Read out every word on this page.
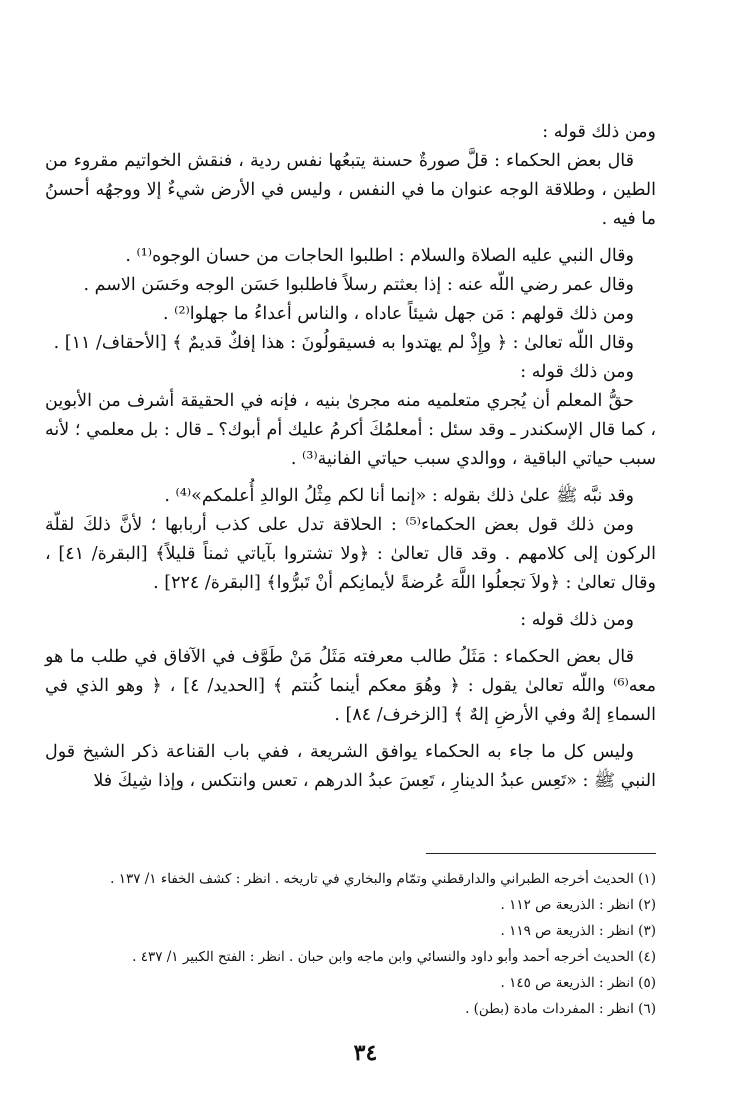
ومن ذلك قوله :

قال بعض الحكماء : قلَّ صورةٌ حسنة يتبعُها نفس ردية ، فنقش الخواتيم مقروء من الطين ، وطلاقة الوجه عنوان ما في النفس ، وليس في الأرض شيءٌ إلا ووجهُه أحسنُ ما فيه .

وقال النبي عليه الصلاة والسلام : اطلبوا الحاجات من حسان الوجوه⁽¹⁾ .

وقال عمر رضي اللّه عنه : إذا بعثتم رسلاً فاطلبوا حَسَن الوجه وحَسَن الاسم .

ومن ذلك قولهم : مَن جهل شيئاً عاداه ، والناس أعداءُ ما جهلوا⁽²⁾ .

وقال اللّه تعالىٰ : ﴿ وإِذْ لم يهتدوا به فسيقولُونَ : هذا إفكٌ قديمٌ ﴾ [الأحقاف/ ١١] .

ومن ذلك قوله :

حقُّ المعلم أن يُجري متعلميه منه مجرىٰ بنيه ، فإنه في الحقيقة أشرف من الأبوين ، كما قال الإسكندر ـ وقد سئل : أمعلمُكَ أكرمُ عليك أم أبوك؟ ـ قال : بل معلمي ؛ لأنه سبب حياتي الباقية ، ووالدي سبب حياتي الفانية⁽³⁾ .

وقد نبَّه ﷺ علىٰ ذلك بقوله : «إنما أنا لكم مِثْلُ الوالدِ أُعلمكم»⁽⁴⁾ .

ومن ذلك قول بعض الحكماء⁽⁵⁾ : الحلاقة تدل على كذب أربابها ؛ لأنَّ ذلكَ لقلّة الركون إلى كلامهم . وقد قال تعالىٰ : ﴿ولا تشتروا بآياتي ثمناً قليلاً﴾ [البقرة/ ٤١] ، وقال تعالىٰ : ﴿ولاَ تجعلُوا اللَّهَ عُرضةً لأيمانِكم أنْ تَبرُّوا﴾ [البقرة/ ٢٢٤] .

ومن ذلك قوله :

قال بعض الحكماء : مَثَلُ طالب معرفته مَثَلُ مَنْ طَوَّف في الآفاق في طلب ما هو معه⁽⁶⁾ واللّه تعالىٰ يقول : ﴿ وهُوَ معكم أينما كُنتم ﴾ [الحديد/ ٤] ، ﴿ وهو الذي في السماءِ إلهٌ وفي الأرضِ إلهٌ ﴾ [الزخرف/ ٨٤] .

وليس كل ما جاء به الحكماء يوافق الشريعة ، ففي باب القناعة ذكر الشيخ قول النبي ﷺ : «تَعِس عبدُ الدينارِ ، تَعِسَ عبدُ الدرهم ، تعس وانتكس ، وإذا شِيكَ فلا

(١) الحديث أخرجه الطبراني والدارقطني وتمّام والبخاري في تاريخه . انظر : كشف الخفاء ١/ ١٣٧ .
(٢) انظر : الذريعة ص ١١٢ .
(٣) انظر : الذريعة ص ١١٩ .
(٤) الحديث أخرجه أحمد وأبو داود والنسائي وابن ماجه وابن حبان . انظر : الفتح الكبير ١/ ٤٣٧ .
(٥) انظر : الذريعة ص ١٤٥ .
(٦) انظر : المفردات مادة (بطن) .
٣٤
